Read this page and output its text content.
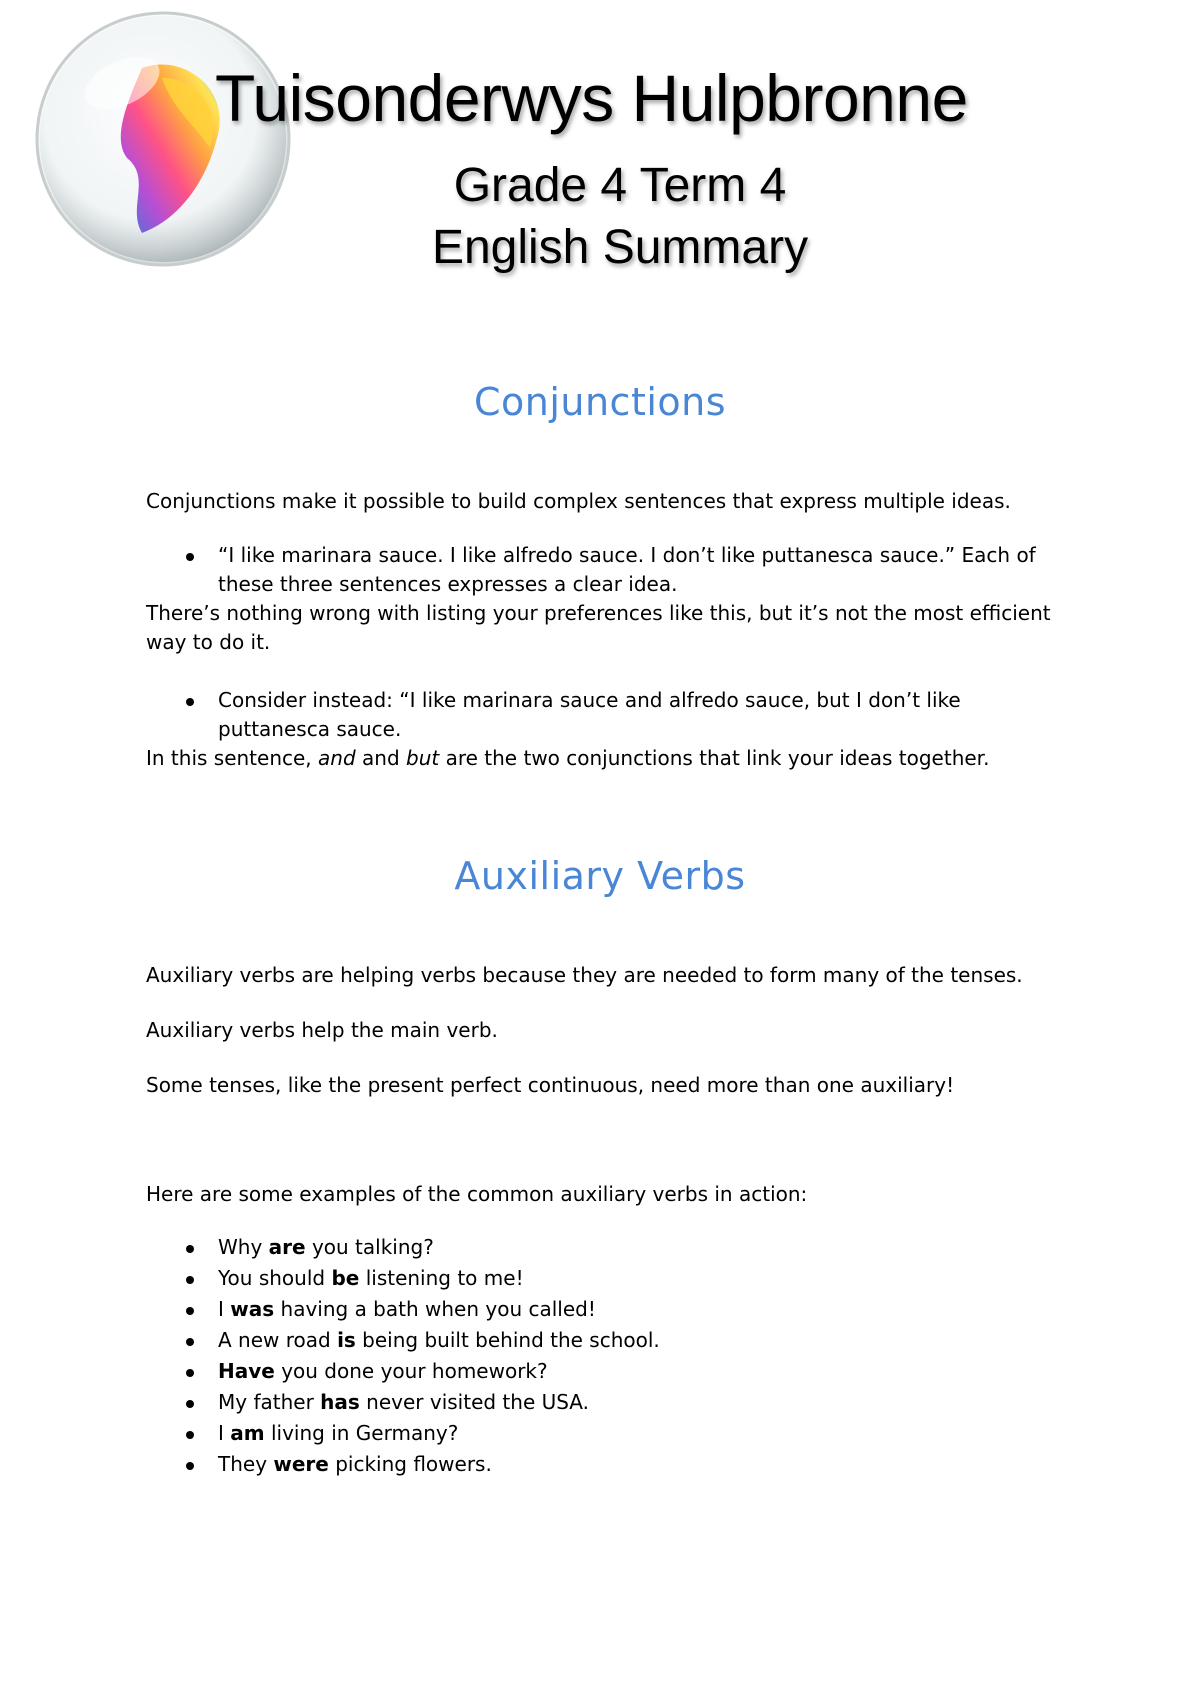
Tuisonderwys Hulpbronne
Grade 4 Term 4
English Summary
Conjunctions
Conjunctions make it possible to build complex sentences that express multiple ideas.
“I like marinara sauce. I like alfredo sauce. I don’t like puttanesca sauce.” Each of these three sentences expresses a clear idea.
There’s nothing wrong with listing your preferences like this, but it’s not the most efficient way to do it.
Consider instead: “I like marinara sauce and alfredo sauce, but I don’t like puttanesca sauce.
In this sentence, and and but are the two conjunctions that link your ideas together.
Auxiliary Verbs
Auxiliary verbs are helping verbs because they are needed to form many of the tenses.
Auxiliary verbs help the main verb.
Some tenses, like the present perfect continuous, need more than one auxiliary!
Here are some examples of the common auxiliary verbs in action:
Why are you talking?
You should be listening to me!
I was having a bath when you called!
A new road is being built behind the school.
Have you done your homework?
My father has never visited the USA.
I am living in Germany?
They were picking flowers.
